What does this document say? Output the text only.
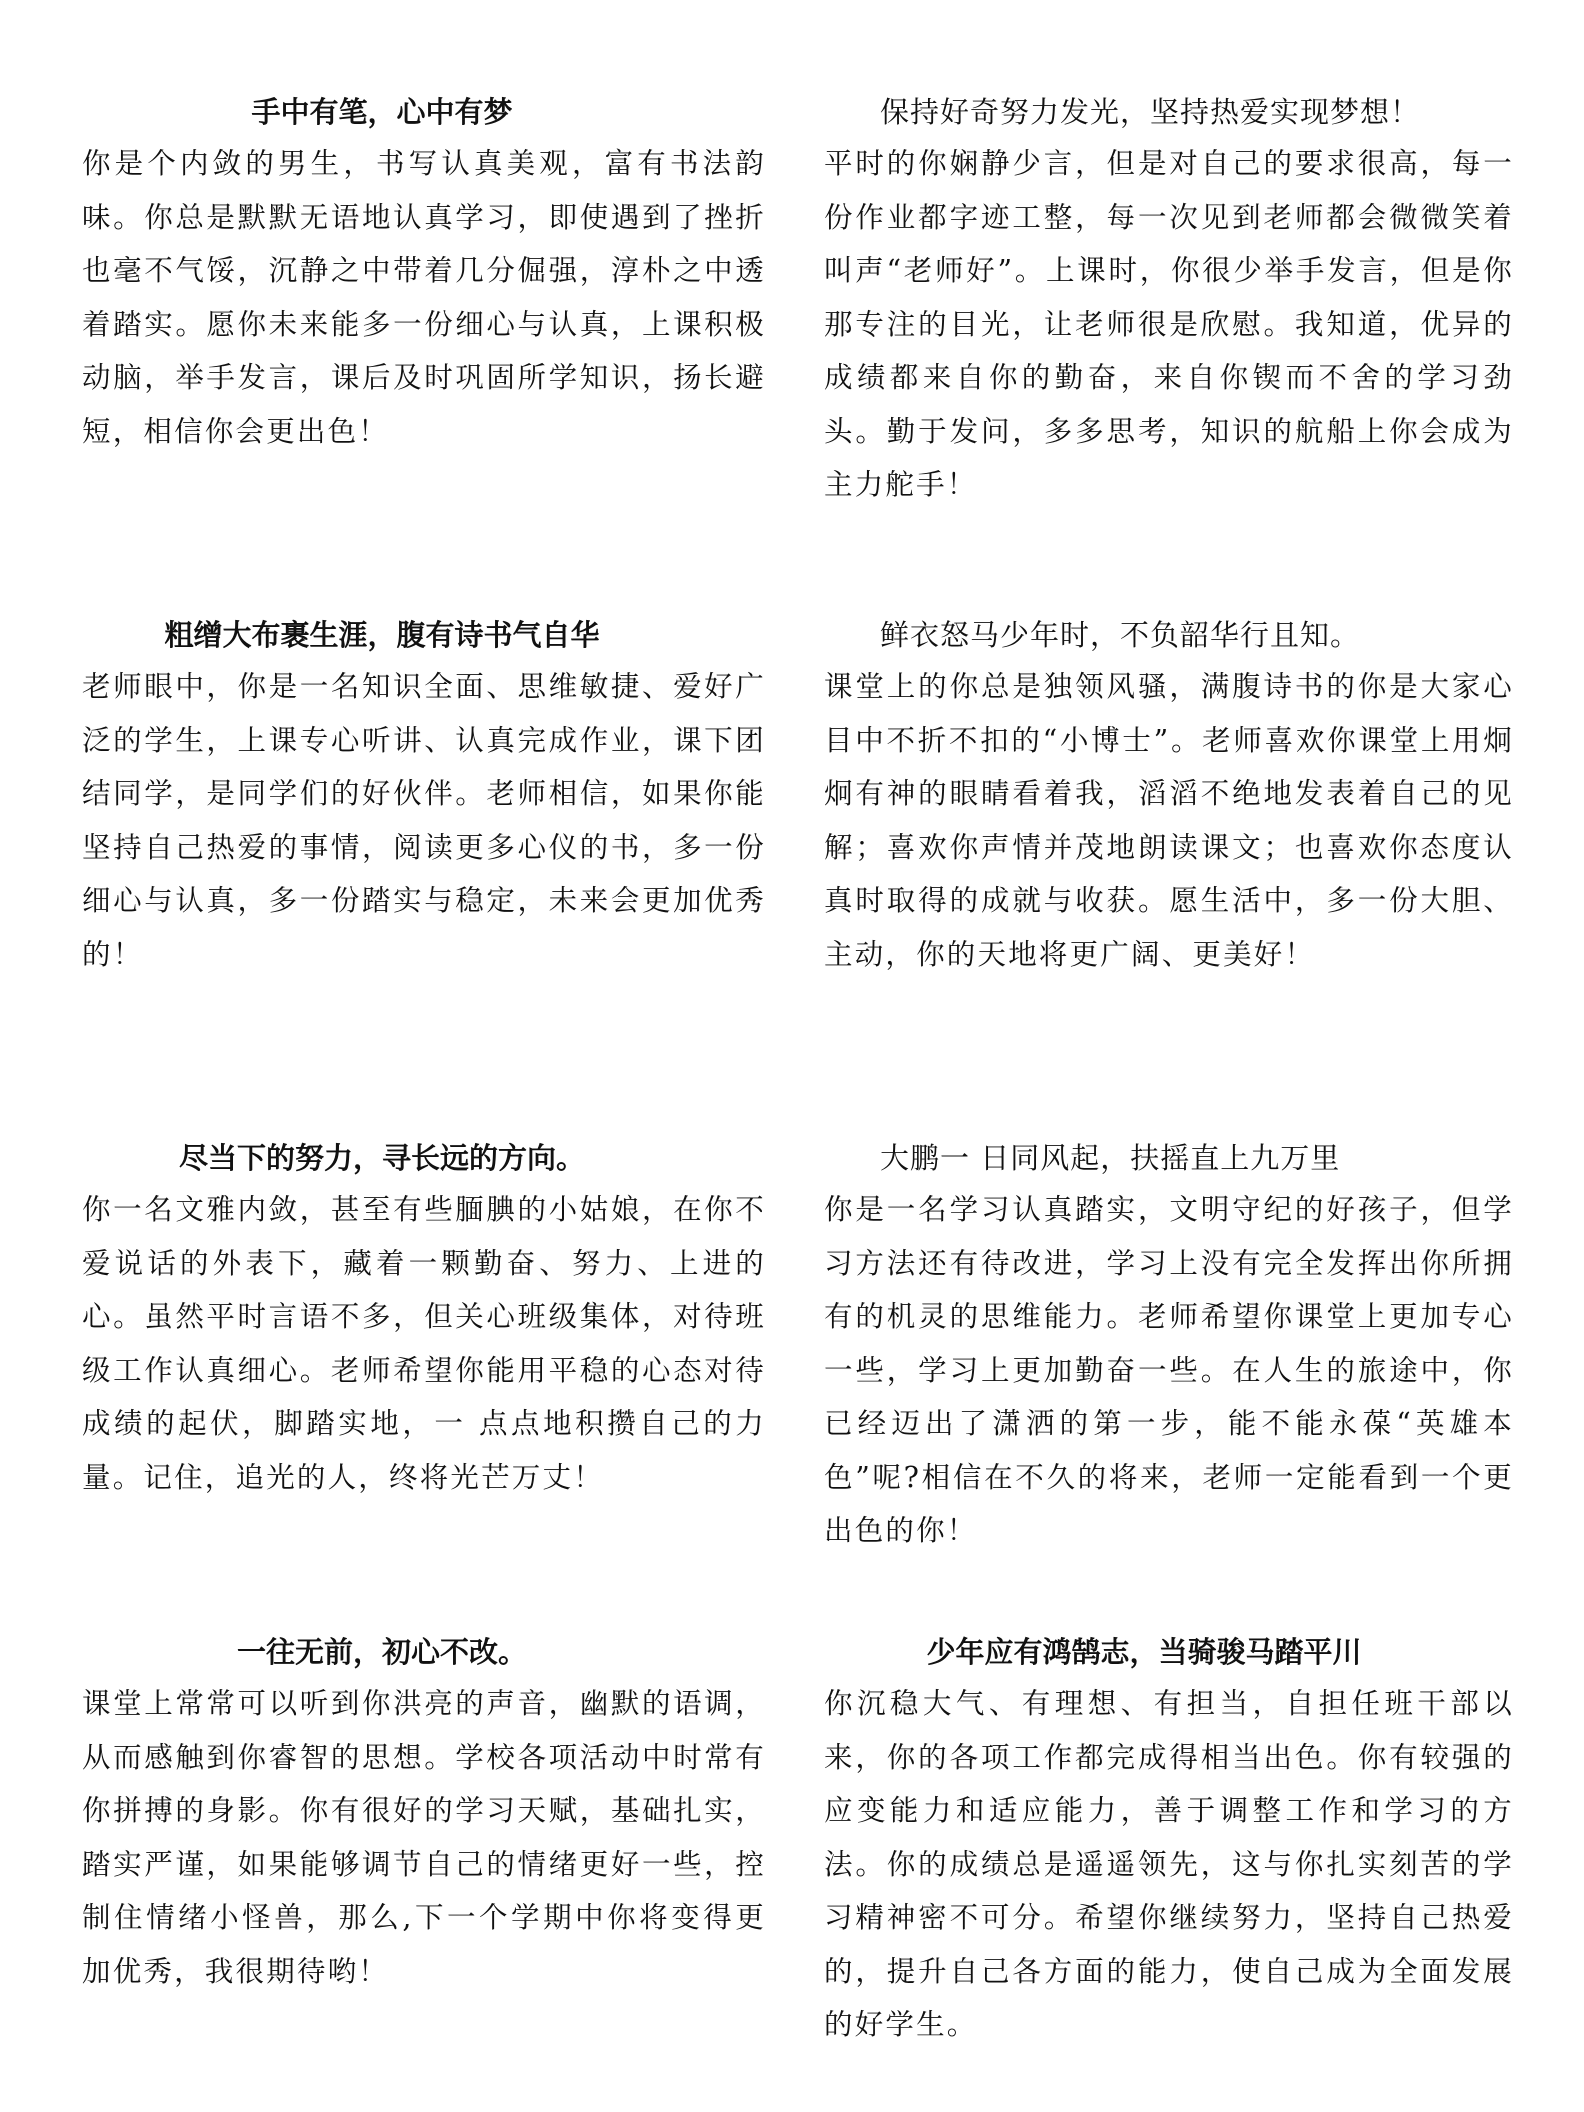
手中有笔，心中有梦

你是个内敛的男生，书写认真美观，富有书法韵味。你总是默默无语地认真学习，即使遇到了挫折也毫不气馁，沉静之中带着几分倔强，淳朴之中透着踏实。愿你未来能多一份细心与认真，上课积极动脑，举手发言，课后及时巩固所学知识，扬长避短，相信你会更出色！

保持好奇努力发光，坚持热爱实现梦想！

平时的你娴静少言，但是对自己的要求很高，每一份作业都字迹工整，每一次见到老师都会微微笑着叫声“老师好”。上课时，你很少举手发言，但是你那专注的目光，让老师很是欣慰。我知道，优异的成绩都来自你的勤奋，来自你锲而不舍的学习劲头。勤于发问，多多思考，知识的航船上你会成为主力舵手！

粗缯大布裹生涯，腹有诗书气自华

老师眼中，你是一名知识全面、思维敏捷、爱好广泛的学生，上课专心听讲、认真完成作业，课下团结同学，是同学们的好伙伴。老师相信，如果你能坚持自己热爱的事情，阅读更多心仪的书，多一份细心与认真，多一份踏实与稳定，未来会更加优秀的！

鲜衣怒马少年时，不负韶华行且知。

课堂上的你总是独领风骚，满腹诗书的你是大家心目中不折不扣的“小博士”。老师喜欢你课堂上用炯炯有神的眼睛看着我，滔滔不绝地发表着自己的见解；喜欢你声情并茂地朗读课文；也喜欢你态度认真时取得的成就与收获。愿生活中，多一份大胆、主动，你的天地将更广阔、更美好！

尽当下的努力，寻长远的方向。

你一名文雅内敛，甚至有些腼腆的小姑娘，在你不爱说话的外表下，藏着一颗勤奋、努力、上进的心。虽然平时言语不多，但关心班级集体，对待班级工作认真细心。老师希望你能用平稳的心态对待成绩的起伏，脚踏实地，一 点点地积攒自己的力量。记住，追光的人，终将光芒万丈！

大鹏一 日同风起，扶摇直上九万里

你是一名学习认真踏实，文明守纪的好孩子，但学习方法还有待改进，学习上没有完全发挥出你所拥有的机灵的思维能力。老师希望你课堂上更加专心一些，学习上更加勤奋一些。在人生的旅途中，你已经迈出了潇洒的第一步，能不能永葆“英雄本色”呢?相信在不久的将来，老师一定能看到一个更出色的你！

一往无前，初心不改。

课堂上常常可以听到你洪亮的声音，幽默的语调，从而感触到你睿智的思想。学校各项活动中时常有你拼搏的身影。你有很好的学习天赋，基础扎实，踏实严谨，如果能够调节自己的情绪更好一些，控制住情绪小怪兽，那么,下一个学期中你将变得更加优秀，我很期待哟！

少年应有鸿鹄志，当骑骏马踏平川

你沉稳大气、有理想、有担当，自担任班干部以来，你的各项工作都完成得相当出色。你有较强的应变能力和适应能力，善于调整工作和学习的方法。你的成绩总是遥遥领先，这与你扎实刻苦的学习精神密不可分。希望你继续努力，坚持自己热爱的，提升自己各方面的能力，使自己成为全面发展的好学生。
